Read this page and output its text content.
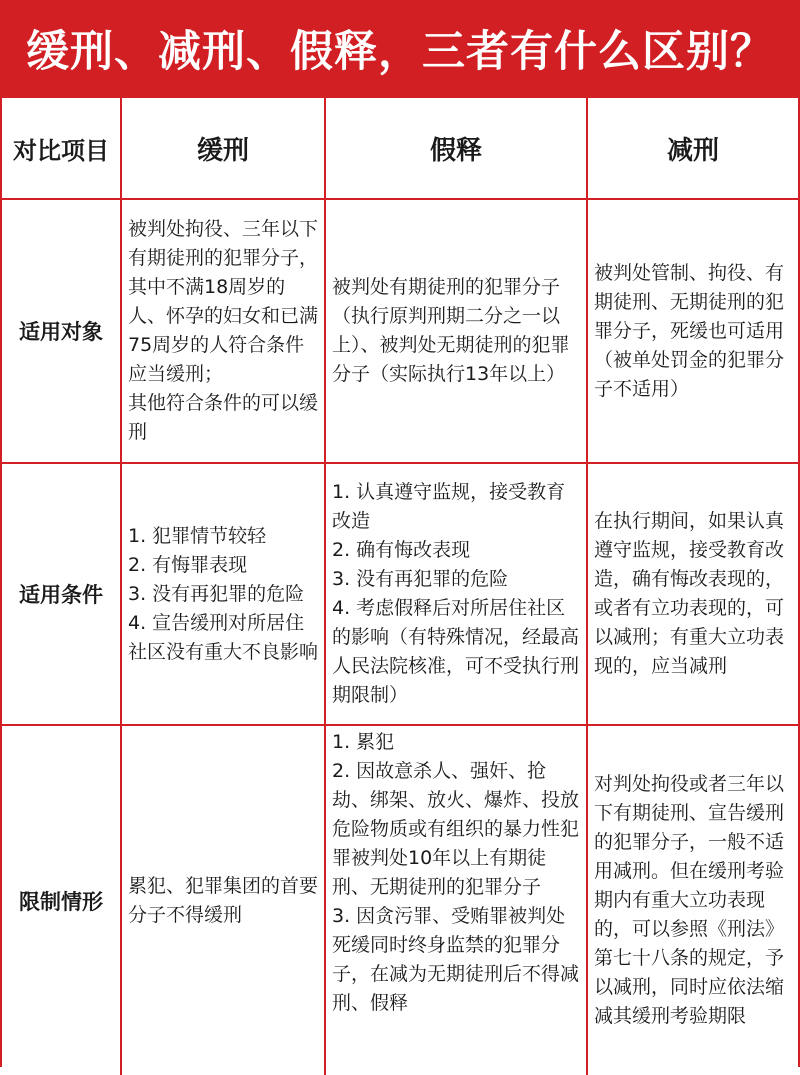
缓刑、减刑、假释，三者有什么区别？
对比项目	缓刑	假释	减刑
适用对象	被判处拘役、三年以下有期徒刑的犯罪分子，其中不满18周岁的人、怀孕的妇女和已满75周岁的人符合条件应当缓刑；
其他符合条件的可以缓刑	被判处有期徒刑的犯罪分子（执行原判刑期二分之一以上）、被判处无期徒刑的犯罪分子（实际执行13年以上）	被判处管制、拘役、有期徒刑、无期徒刑的犯罪分子，死缓也可适用（被单处罚金的犯罪分子不适用）

适用条件	1. 犯罪情节较轻
2. 有悔罪表现
3. 没有再犯罪的危险
4. 宣告缓刑对所居住社区没有重大不良影响	1. 认真遵守监规，接受教育改造
2. 确有悔改表现
3. 没有再犯罪的危险
4. 考虑假释后对所居住社区的影响（有特殊情况，经最高人民法院核准，可不受执行刑期限制）	在执行期间，如果认真遵守监规，接受教育改造，确有悔改表现的，或者有立功表现的，可以减刑；有重大立功表现的，应当减刑

限制情形	累犯、犯罪集团的首要分子不得缓刑	1. 累犯
2. 因故意杀人、强奸、抢劫、绑架、放火、爆炸、投放危险物质或有组织的暴力性犯罪被判处10年以上有期徒刑、无期徒刑的犯罪分子
3. 因贪污罪、受贿罪被判处死缓同时终身监禁的犯罪分子，在减为无期徒刑后不得减刑、假释	对判处拘役或者三年以下有期徒刑、宣告缓刑的犯罪分子，一般不适用减刑。但在缓刑考验期内有重大立功表现的，可以参照《刑法》第七十八条的规定，予以减刑，同时应依法缩减其缓刑考验期限
